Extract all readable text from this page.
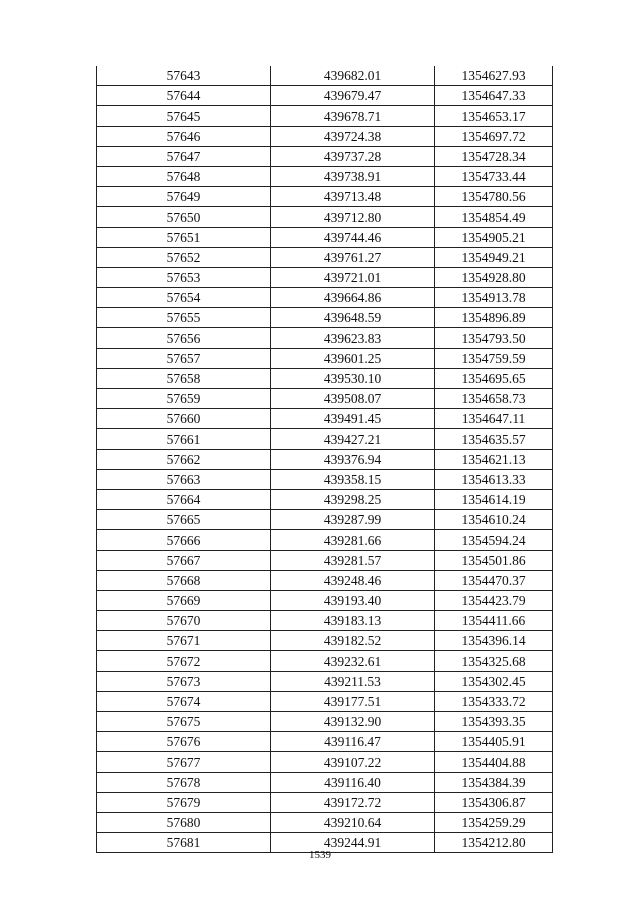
57643	439682.01	1354627.93
57644	439679.47	1354647.33
57645	439678.71	1354653.17
57646	439724.38	1354697.72
57647	439737.28	1354728.34
57648	439738.91	1354733.44
57649	439713.48	1354780.56
57650	439712.80	1354854.49
57651	439744.46	1354905.21
57652	439761.27	1354949.21
57653	439721.01	1354928.80
57654	439664.86	1354913.78
57655	439648.59	1354896.89
57656	439623.83	1354793.50
57657	439601.25	1354759.59
57658	439530.10	1354695.65
57659	439508.07	1354658.73
57660	439491.45	1354647.11
57661	439427.21	1354635.57
57662	439376.94	1354621.13
57663	439358.15	1354613.33
57664	439298.25	1354614.19
57665	439287.99	1354610.24
57666	439281.66	1354594.24
57667	439281.57	1354501.86
57668	439248.46	1354470.37
57669	439193.40	1354423.79
57670	439183.13	1354411.66
57671	439182.52	1354396.14
57672	439232.61	1354325.68
57673	439211.53	1354302.45
57674	439177.51	1354333.72
57675	439132.90	1354393.35
57676	439116.47	1354405.91
57677	439107.22	1354404.88
57678	439116.40	1354384.39
57679	439172.72	1354306.87
57680	439210.64	1354259.29
57681	439244.91	1354212.80
1539
